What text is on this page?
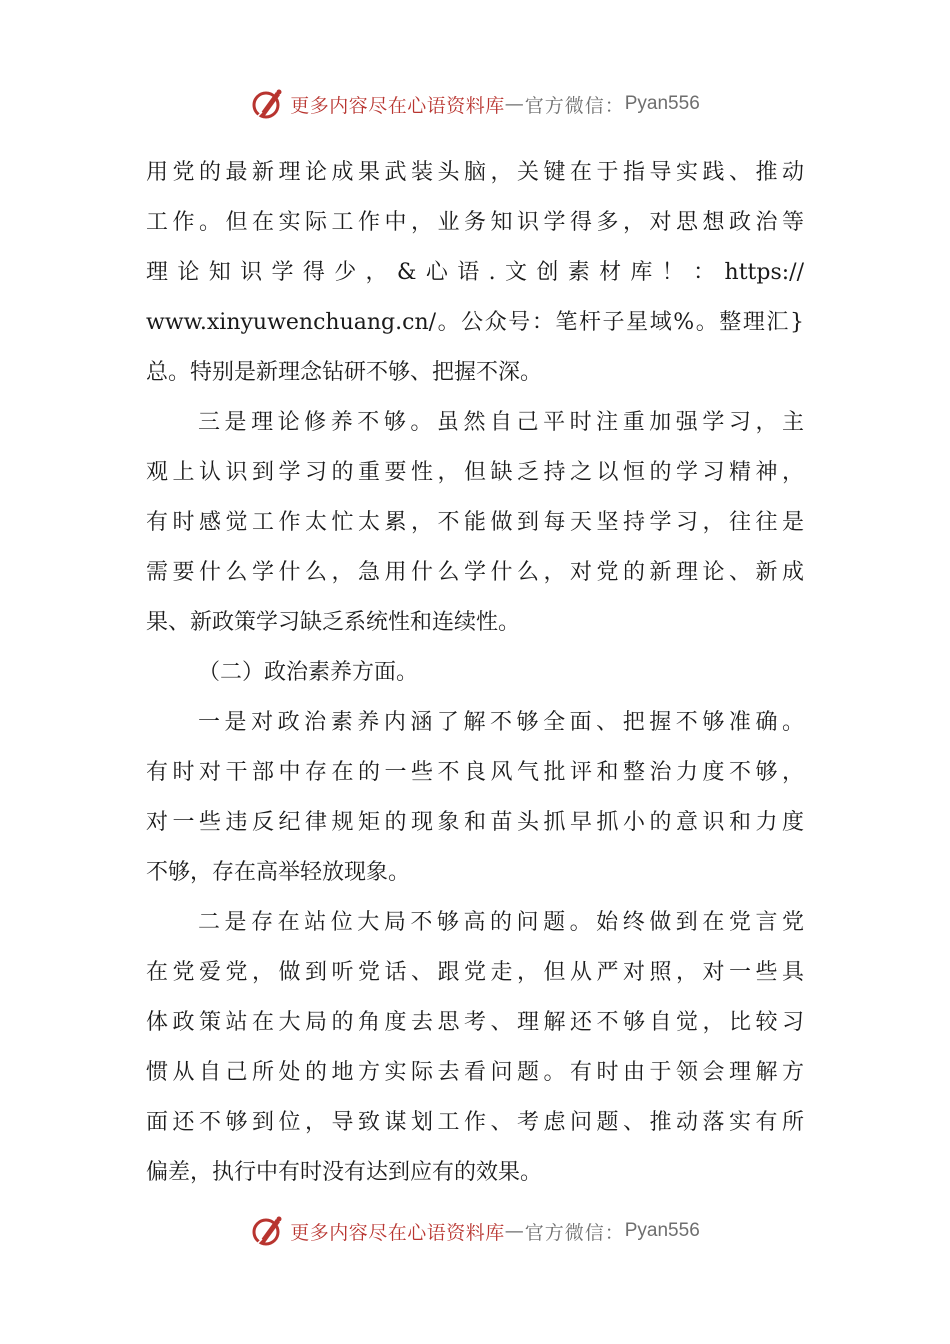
更多内容尽在心语资料库 — 官方微信： Pyan556
用党的最新理论成果武装头脑，关键在于指导实践、推动
工作。但在实际工作中，业务知识学得多，对思想政治等
理论知识学得少，&心语.文创素材库！：https://
www.xinyuwenchuang.cn/。公众号：笔杆子星域%。整理汇}
总。特别是新理念钻研不够、把握不深。
三是理论修养不够。虽然自己平时注重加强学习，主
观上认识到学习的重要性，但缺乏持之以恒的学习精神，
有时感觉工作太忙太累，不能做到每天坚持学习，往往是
需要什么学什么，急用什么学什么，对党的新理论、新成
果、新政策学习缺乏系统性和连续性。
（二）政治素养方面。
一是对政治素养内涵了解不够全面、把握不够准确。
有时对干部中存在的一些不良风气批评和整治力度不够，
对一些违反纪律规矩的现象和苗头抓早抓小的意识和力度
不够，存在高举轻放现象。
二是存在站位大局不够高的问题。始终做到在党言党
在党爱党，做到听党话、跟党走，但从严对照，对一些具
体政策站在大局的角度去思考、理解还不够自觉，比较习
惯从自己所处的地方实际去看问题。有时由于领会理解方
面还不够到位，导致谋划工作、考虑问题、推动落实有所
偏差，执行中有时没有达到应有的效果。
更多内容尽在心语资料库 — 官方微信： Pyan556
